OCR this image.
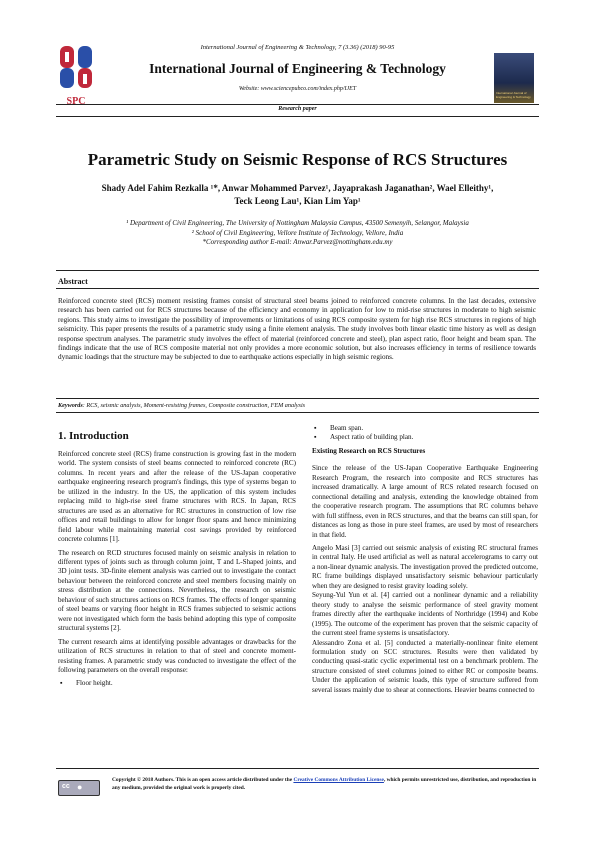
International Journal of Engineering & Technology, 7 (3.36) (2018) 90-95
SPC
International Journal of Engineering & Technology
International Journal of Engineering & Technology
Website: www.sciencepubco.com/index.php/IJET
Research paper
Parametric Study on Seismic Response of RCS Structures
Shady Adel Fahim Rezkalla ¹*, Anwar Mohammed Parvez¹, Jayaprakash Jaganathan², Wael Elleithy¹,
Teck Leong Lau¹, Kian Lim Yap¹
¹ Department of Civil Engineering, The University of Nottingham Malaysia Campus, 43500 Semenyih, Selangor, Malaysia
² School of Civil Engineering, Vellore Institute of Technology, Vellore, India
*Corresponding author E-mail: Anwar.Parvez@nottingham.edu.my
Abstract
Reinforced concrete steel (RCS) moment resisting frames consist of structural steel beams joined to reinforced concrete columns. In the last decades, extensive research has been carried out for RCS structures because of the efficiency and economy in application for low to mid-rise structures in moderate to high seismic regions. This study aims to investigate the possibility of improvements or limitations of using RCS composite system for high rise RCS structures in regions of high seismicity. This paper presents the results of a parametric study using a finite element analysis. The study involves both linear elastic time history as well as design response spectrum analyses. The parametric study involves the effect of material (reinforced concrete and steel), plan aspect ratio, floor height and beam span. The findings indicate that the use of RCS composite material not only provides a more economic solution, but also increases efficiency in terms of resilience towards dynamic loadings that the structure may be subjected to due to earthquake actions especially in high seismic regions.
Keywords: RCS, seismic analysis, Moment-resisting frames, Composite construction, FEM analysis
1. Introduction

Reinforced concrete steel (RCS) frame construction is growing fast in the modern world. The system consists of steel beams connected to reinforced concrete (RC) columns. In recent years and after the release of the US-Japan cooperative earthquake engineering research program's findings, this type of systems began to be utilized in the industry. In the US, the application of this system includes replacing mild to high-rise steel frame structures with RCS. In Japan, RCS structures are used as an alternative for RC structures in construction of low rise offices and retail buildings to allow for longer floor spans and hence minimizing field labour while maintaining material cost savings provided by reinforced concrete columns [1].

The research on RCD structures focused mainly on seismic analysis in relation to different types of joints such as through column joint, T and L-Shaped joints, and 3D joint tests. 3D-finite element analysis was carried out to investigate the contact behaviour between the reinforced concrete and steel members focusing mainly on stress distribution at the connections. Nevertheless, the research on seismic behaviour of such structures actions on RCS frames. The effects of longer spanning of steel beams or varying floor height in RCS frames subjected to seismic actions were not investigated which form the basis behind adopting this type of composite structural systems [2].

The current research aims at identifying possible advantages or drawbacks for the utilization of RCS structures in relation to that of steel and concrete moment-resisting frames. A parametric study was conducted to investigate the effect of the following parameters on the overall response:

▪ Floor height.
▪ Beam span.
▪ Aspect ratio of building plan.

Existing Research on RCS Structures

Since the release of the US-Japan Cooperative Earthquake Engineering Research Program, the research into composite and RCS structures has increased dramatically. A large amount of RCS related research focused on connectional detailing and analysis, extending the knowledge obtained from the cooperative research program. The assumptions that RC columns behave with full stiffness, even in RCS structures, and that the beams can still span, for distances as long as those in pure steel frames, are used by most of researchers in that field.

Angelo Masi [3] carried out seismic analysis of existing RC structural frames in central Italy. He used artificial as well as natural accelerograms to carry out a non-linear dynamic analysis. The investigation proved the predicted outcome, RC frame buildings displayed unsatisfactory seismic behaviour particularly when they are designed to resist gravity loading solely.

Seyung-Yul Yun et al. [4] carried out a nonlinear dynamic and a reliability theory study to analyse the seismic performance of steel gravity moment frames directly after the earthquake incidents of Northridge (1994) and Kobe (1995). The outcome of the experiment has proven that the seismic capacity of the current steel frame systems is unsatisfactory.

Alessandro Zona et al. [5] conducted a materially-nonlinear finite element formulation study on SCC structures. Results were then validated by conducting quasi-static cyclic experimental test on a benchmark problem. The structure consisted of steel columns joined to either RC or composite beams. Under the application of seismic loads, this type of structure suffered from several issues mainly due to shear at connections. Heavier beams connected to

cc ●
Copyright © 2018 Authors. This is an open access article distributed under the Creative Commons Attribution License, which permits unrestricted use, distribution, and reproduction in any medium, provided the original work is properly cited.
